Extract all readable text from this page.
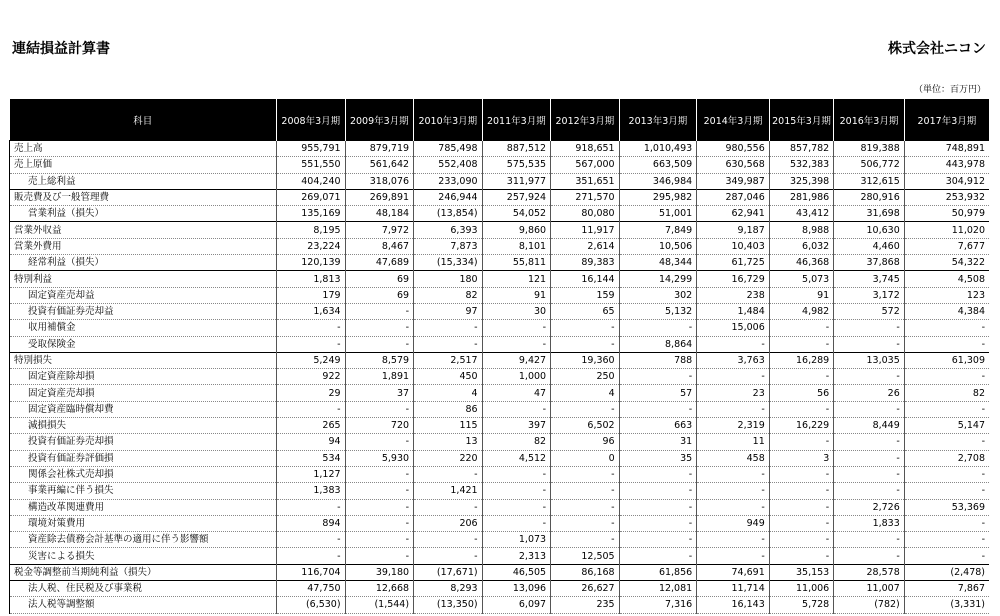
連結損益計算書	株式会社ニコン
（単位：百万円）
科目	2008年3月期	2009年3月期	2010年3月期	2011年3月期	2012年3月期	2013年3月期	2014年3月期	2015年3月期	2016年3月期	2017年3月期
売上高	955,791	879,719	785,498	887,512	918,651	1,010,493	980,556	857,782	819,388	748,891
売上原価	551,550	561,642	552,408	575,535	567,000	663,509	630,568	532,383	506,772	443,978
売上総利益	404,240	318,076	233,090	311,977	351,651	346,984	349,987	325,398	312,615	304,912
販売費及び一般管理費	269,071	269,891	246,944	257,924	271,570	295,982	287,046	281,986	280,916	253,932
営業利益（損失）	135,169	48,184	(13,854)	54,052	80,080	51,001	62,941	43,412	31,698	50,979
営業外収益	8,195	7,972	6,393	9,860	11,917	7,849	9,187	8,988	10,630	11,020
営業外費用	23,224	8,467	7,873	8,101	2,614	10,506	10,403	6,032	4,460	7,677
経常利益（損失）	120,139	47,689	(15,334)	55,811	89,383	48,344	61,725	46,368	37,868	54,322
特別利益	1,813	69	180	121	16,144	14,299	16,729	5,073	3,745	4,508
固定資産売却益	179	69	82	91	159	302	238	91	3,172	123
投資有価証券売却益	1,634	-	97	30	65	5,132	1,484	4,982	572	4,384
収用補償金	-	-	-	-	-	-	15,006	-	-	-
受取保険金	-	-	-	-	-	8,864	-	-	-	-
特別損失	5,249	8,579	2,517	9,427	19,360	788	3,763	16,289	13,035	61,309
固定資産除却損	922	1,891	450	1,000	250	-	-	-	-	-
固定資産売却損	29	37	4	47	4	57	23	56	26	82
固定資産臨時償却費	-	-	86	-	-	-	-	-	-	-
減損損失	265	720	115	397	6,502	663	2,319	16,229	8,449	5,147
投資有価証券売却損	94	-	13	82	96	31	11	-	-	-
投資有価証券評価損	534	5,930	220	4,512	0	35	458	3	-	2,708
関係会社株式売却損	1,127	-	-	-	-	-	-	-	-	-
事業再編に伴う損失	1,383	-	1,421	-	-	-	-	-	-	-
構造改革関連費用	-	-	-	-	-	-	-	-	2,726	53,369
環境対策費用	894	-	206	-	-	-	949	-	1,833	-
資産除去債務会計基準の適用に伴う影響額	-	-	-	1,073	-	-	-	-	-	-
災害による損失	-	-	-	2,313	12,505	-	-	-	-	-
税金等調整前当期純利益（損失）	116,704	39,180	(17,671)	46,505	86,168	61,856	74,691	35,153	28,578	(2,478)
法人税、住民税及び事業税	47,750	12,668	8,293	13,096	26,627	12,081	11,714	11,006	11,007	7,867
法人税等調整額	(6,530)	(1,544)	(13,350)	6,097	235	7,316	16,143	5,728	(782)	(3,331)
